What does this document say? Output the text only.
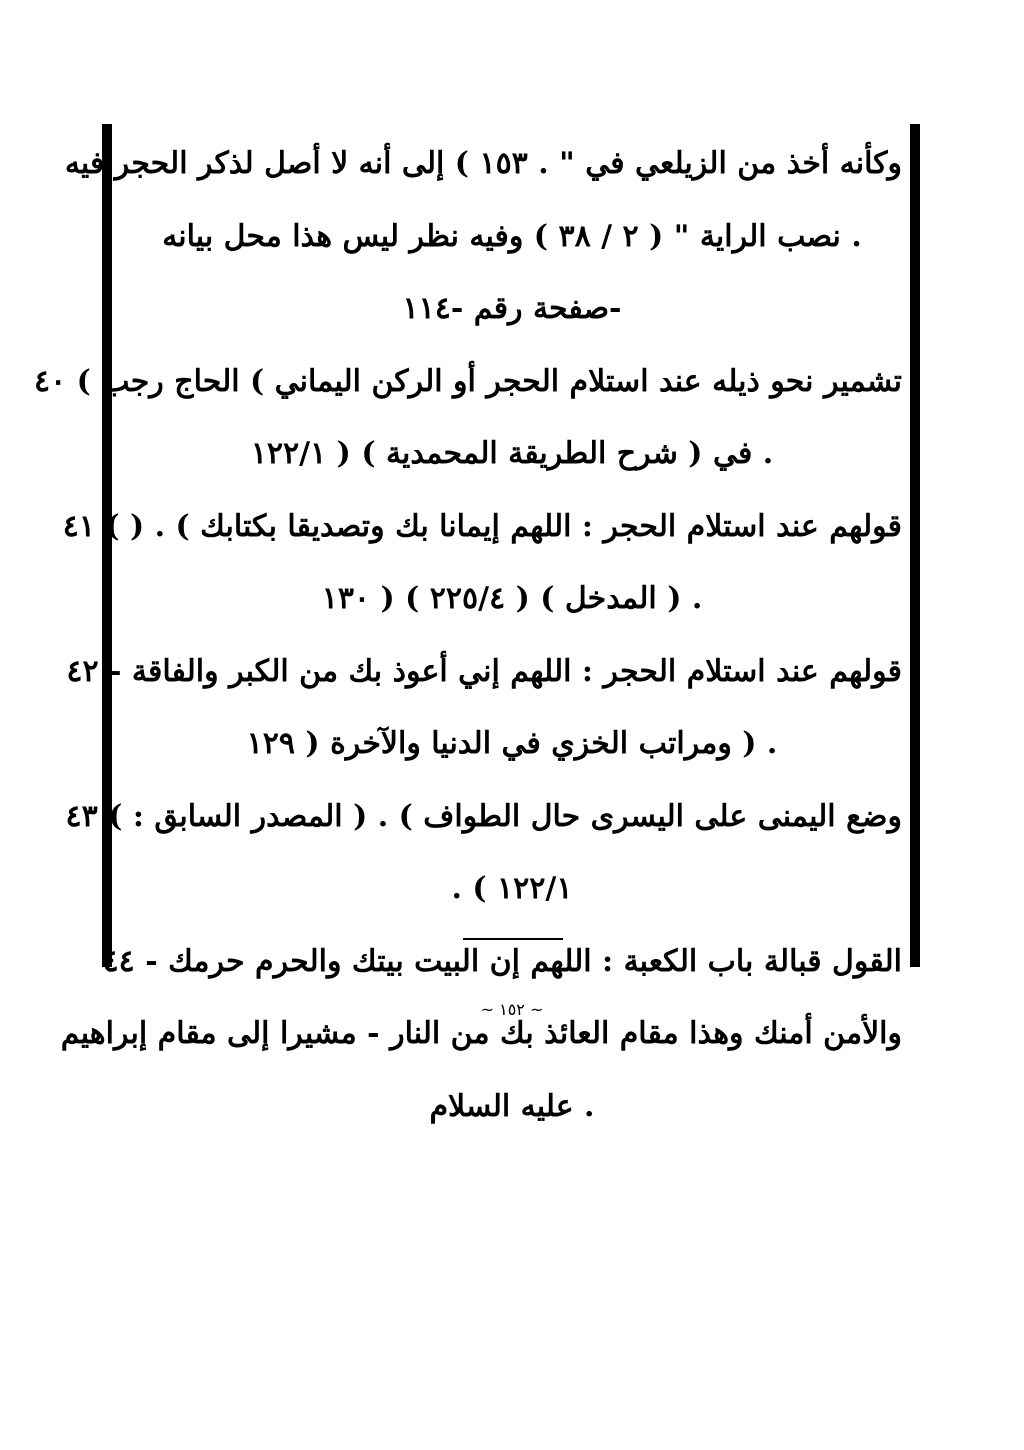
وكأنه أخذ من الزيلعي في " . ١٥٣ ) إلى أنه لا أصل لذكر الحجر فيه
. نصب الراية " ( ٢ / ٣٨ ) وفيه نظر ليس هذا محل بيانه
-صفحة رقم -١١٤
تشمير نحو ذيله عند استلام الحجر أو الركن اليماني ) الحاج رجب ) ٤٠
. في ( شرح الطريقة المحمدية ) ( ١٢٢/١
قولهم عند استلام الحجر : اللهم إيمانا بك وتصديقا بكتابك ) . ( ) ٤١
. ( المدخل ) ( ٢٢٥/٤ ) ( ١٣٠
قولهم عند استلام الحجر : اللهم إني أعوذ بك من الكبر والفاقة - ٤٢
. ( ومراتب الخزي في الدنيا والآخرة ( ١٢٩
وضع اليمنى على اليسرى حال الطواف ) . ( المصدر السابق : ) ٤٣
. ( ١٢٢/١
القول قبالة باب الكعبة : اللهم إن البيت بيتك والحرم حرمك - ٤٤
والأمن أمنك وهذا مقام العائذ بك من النار - مشيرا إلى مقام إبراهيم
. عليه السلام
~ ١٥٢ ~
